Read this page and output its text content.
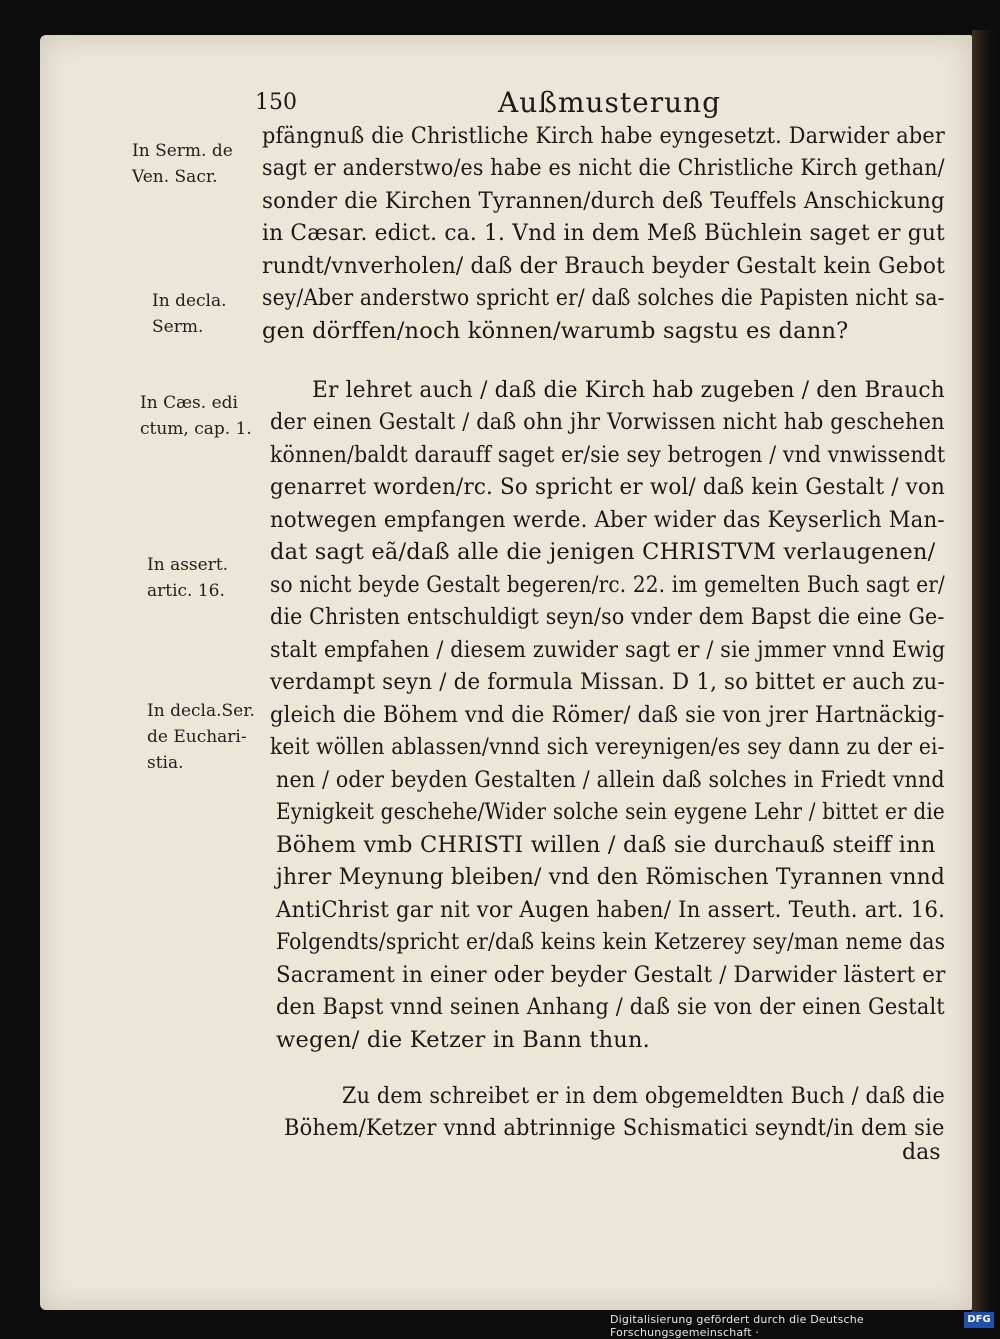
150	Außmusterung
In Serm. de
Ven. Sacr.
In decla.
Serm.
In Cæs. edi
ctum, cap. 1.
In assert.
artic. 16.
In decla.Ser.
de Euchari-
stia.
pfängnuß die Christliche Kirch habe eyngesetzt. Darwider aber
sagt er anderstwo/es habe es nicht die Christliche Kirch gethan/
sonder die Kirchen Tyrannen/durch deß Teuffels Anschickung
in Cæsar. edict. ca. 1. Vnd in dem Meß Büchlein saget er gut
rundt/vnverholen/ daß der Brauch beyder Gestalt kein Gebot
sey/Aber anderstwo spricht er/ daß solches die Papisten nicht sa-
gen dörffen/noch können/warumb sagstu es dann?
Er lehret auch / daß die Kirch hab zugeben / den Brauch
der einen Gestalt / daß ohn jhr Vorwissen nicht hab geschehen
können/baldt darauff saget er/sie sey betrogen / vnd vnwissendt
genarret worden/rc. So spricht er wol/ daß kein Gestalt / von
notwegen empfangen werde. Aber wider das Keyserlich Man-
dat sagt eã/daß alle die jenigen CHRISTVM verlaugenen/
so nicht beyde Gestalt begeren/rc. 22. im gemelten Buch sagt er/
die Christen entschuldigt seyn/so vnder dem Bapst die eine Ge-
stalt empfahen / diesem zuwider sagt er / sie jmmer vnnd Ewig
verdampt seyn / de formula Missan. D 1, so bittet er auch zu-
gleich die Böhem vnd die Römer/ daß sie von jrer Hartnäckig-
keit wöllen ablassen/vnnd sich vereynigen/es sey dann zu der ei-
nen / oder beyden Gestalten / allein daß solches in Friedt vnnd
Eynigkeit geschehe/Wider solche sein eygene Lehr / bittet er die
Böhem vmb CHRISTI willen / daß sie durchauß steiff inn
jhrer Meynung bleiben/ vnd den Römischen Tyrannen vnnd
AntiChrist gar nit vor Augen haben/ In assert. Teuth. art. 16.
Folgendts/spricht er/daß keins kein Ketzerey sey/man neme das
Sacrament in einer oder beyder Gestalt / Darwider lästert er
den Bapst vnnd seinen Anhang / daß sie von der einen Gestalt
wegen/ die Ketzer in Bann thun.
Zu dem schreibet er in dem obgemeldten Buch / daß die
Böhem/Ketzer vnnd abtrinnige Schismatici seyndt/in dem sie
das
Digitalisierung gefördert durch die Deutsche Forschungsgemeinschaft ·
DFG
